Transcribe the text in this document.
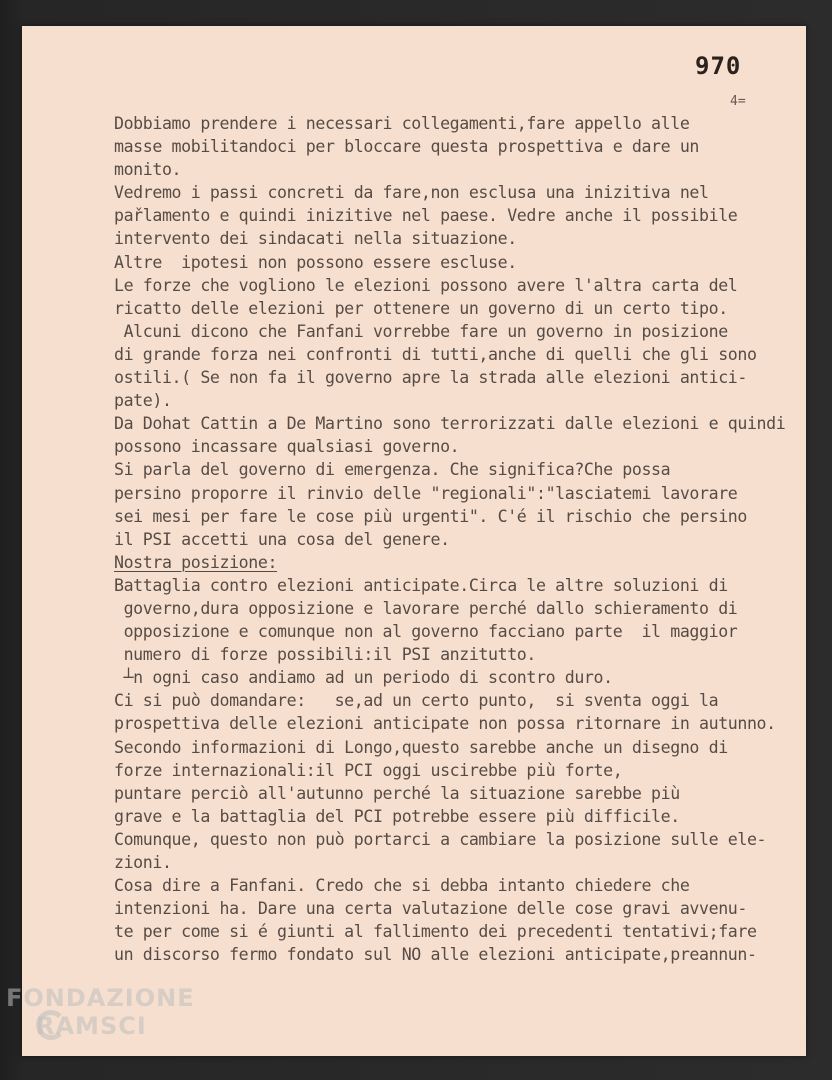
970
4=
Dobbiamo prendere i necessari collegamenti,fare appello alle
masse mobilitandoci per bloccare questa prospettiva e dare un
monito.
Vedremo i passi concreti da fare,non esclusa una inizitiva nel
pařlamento e quindi inizitive nel paese. Vedre anche il possibile
intervento dei sindacati nella situazione.
Altre  ipotesi non possono essere escluse.
Le forze che vogliono le elezioni possono avere l'altra carta del
ricatto delle elezioni per ottenere un governo di un certo tipo.
Alcuni dicono che Fanfani vorrebbe fare un governo in posizione
di grande forza nei confronti di tutti,anche di quelli che gli sono
ostili.( Se non fa il governo apre la strada alle elezioni antici-
pate).
Da Dohat Cattin a De Martino sono terrorizzati dalle elezioni e quindi
possono incassare qualsiasi governo.
Si parla del governo di emergenza. Che significa?Che possa
persino proporre il rinvio delle "regionali":"lasciatemi lavorare
sei mesi per fare le cose più urgenti". C'é il rischio che persino
il PSI accetti una cosa del genere.
Nostra posizione:
Battaglia contro elezioni anticipate.Circa le altre soluzioni di
governo,dura opposizione e lavorare perché dallo schieramento di
opposizione e comunque non al governo facciano parte  il maggior
numero di forze possibili:il PSI anzitutto.
┴n ogni caso andiamo ad un periodo di scontro duro.
Ci si può domandare:   se,ad un certo punto,  si sventa oggi la
prospettiva delle elezioni anticipate non possa ritornare in autunno.
Secondo informazioni di Longo,questo sarebbe anche un disegno di
forze internazionali:il PCI oggi uscirebbe più forte,
puntare perciò all'autunno perché la situazione sarebbe più
grave e la battaglia del PCI potrebbe essere più difficile.
Comunque, questo non può portarci a cambiare la posizione sulle ele-
zioni.
Cosa dire a Fanfani. Credo che si debba intanto chiedere che
intenzioni ha. Dare una certa valutazione delle cose gravi avvenu-
te per come si é giunti al fallimento dei precedenti tentativi;fare
un discorso fermo fondato sul NO alle elezioni anticipate,preannun-
FONDAZIONE
RAMSCI
